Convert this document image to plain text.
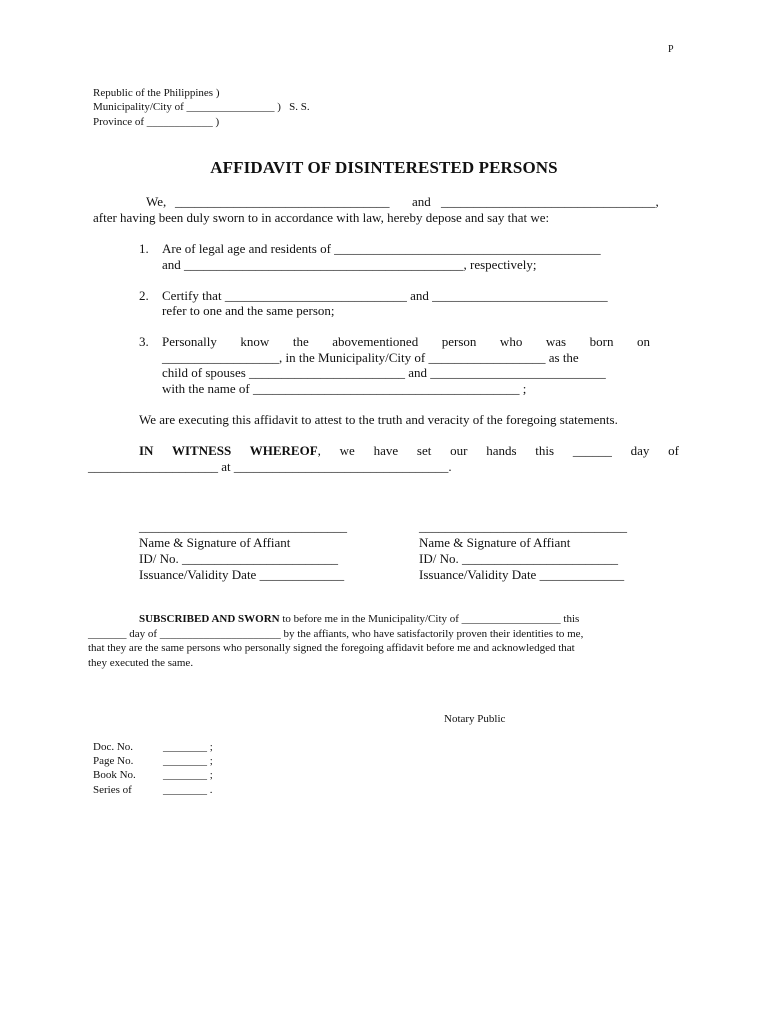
P
Republic of the Philippines )
Municipality/City of ________________ )   S. S.
Province of ____________ )
AFFIDAVIT OF DISINTERESTED PERSONS
We, _________________________________ and _________________________________,
after having been duly sworn to in accordance with law, hereby depose and say that we:
1. Are of legal age and residents of _________________________________________
and ___________________________________________, respectively;
2. Certify that ____________________________ and ___________________________
refer to one and the same person;
3. Personally know the abovementioned person who was born on
__________________, in the Municipality/City of __________________ as the
child of spouses ________________________ and ___________________________
with the name of _________________________________________ ;
We are executing this affidavit to attest to the truth and veracity of the foregoing statements.
IN WITNESS WHEREOF, we have set our hands this ______ day of
____________________ at _________________________________.
________________________________
Name & Signature of Affiant
ID/ No. ________________________
Issuance/Validity Date _____________
________________________________
Name & Signature of Affiant
ID/ No. ________________________
Issuance/Validity Date _____________
SUBSCRIBED AND SWORN to before me in the Municipality/City of __________________ this
_______ day of ______________________ by the affiants, who have satisfactorily proven their identities to me,
that they are the same persons who personally signed the foregoing affidavit before me and acknowledged that
they executed the same.
Notary Public
Doc. No.	________ ;
Page No.	________ ;
Book No. ________ ;
Series of	________ .
